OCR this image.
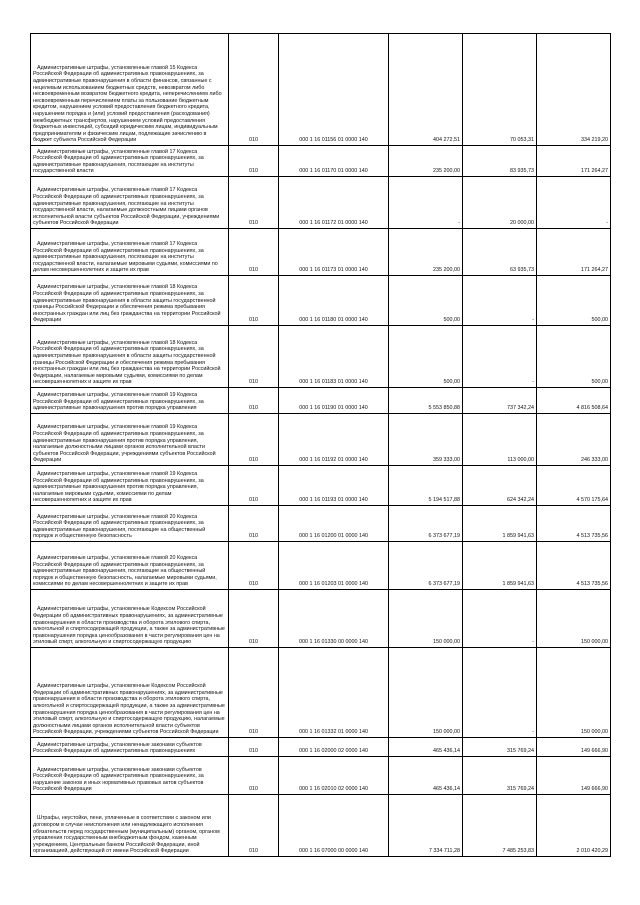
Административные штрафы, установленные главой 15 Кодекса Российской Федерации об административных правонарушениях, за административные правонарушения в области финансов, связанные с нецелевым использованием бюджетных средств, невозвратом либо несвоевременным возвратом бюджетного кредита, неперечислением либо несвоевременным перечислением платы за пользование бюджетным кредитом, нарушением условий предоставления бюджетного кредита, нарушением порядка и (или) условий предоставления (расходования) межбюджетных трансфертов, нарушением условий предоставления бюджетных инвестиций, субсидий юридическим лицам, индивидуальным предпринимателям и физическим лицам, подлежащие зачислению в бюджет субъекта Российской Федерации	010	000 1 16 01156 01 0000 140	404 272,51	70 053,31	334 219,20

Административные штрафы, установленные главой 17 Кодекса Российской Федерации об административных правонарушениях, за административные правонарушения, посягающие на институты государственной власти	010	000 1 16 01170 01 0000 140	235 200,00	83 935,73	171 264,27

Административные штрафы, установленные главой 17 Кодекса Российской Федерации об административных правонарушениях, за административные правонарушения, посягающие на институты государственной власти, налагаемые должностными лицами органов исполнительной власти субъектов Российской Федерации, учреждениями субъектов Российской Федерации	010	000 1 16 01172 01 0000 140	-	20 000,00	-

Административные штрафы, установленные главой 17 Кодекса Российской Федерации об административных правонарушениях, за административные правонарушения, посягающие на институты государственной власти, налагаемые мировыми судьями, комиссиями по делам несовершеннолетних и защите их прав	010	000 1 16 01173 01 0000 140	235 200,00	63 935,73	171 264,27

Административные штрафы, установленные главой 18 Кодекса Российской Федерации об административных правонарушениях, за административные правонарушения в области защиты государственной границы Российской Федерации и обеспечения режима пребывания иностранных граждан или лиц без гражданства на территории Российской Федерации	010	000 1 16 01180 01 0000 140	500,00	-	500,00

Административные штрафы, установленные главой 18 Кодекса Российской Федерации об административных правонарушениях, за административные правонарушения в области защиты государственной границы Российской Федерации и обеспечения режима пребывания иностранных граждан или лиц без гражданства на территории Российской Федерации, налагаемые мировыми судьями, комиссиями по делам несовершеннолетних и защите их прав	010	000 1 16 01183 01 0000 140	500,00	-	500,00

Административные штрафы, установленные главой 19 Кодекса Российской Федерации об административных правонарушениях, за административные правонарушения против порядка управления	010	000 1 16 01190 01 0000 140	5 553 850,88	737 342,24	4 816 508,64

Административные штрафы, установленные главой 19 Кодекса Российской Федерации об административных правонарушениях, за административные правонарушения против порядка управления, налагаемые должностными лицами органов исполнительной власти субъектов Российской Федерации, учреждениями субъектов Российской Федерации	010	000 1 16 01192 01 0000 140	359 333,00	113 000,00	246 333,00

Административные штрафы, установленные главой 19 Кодекса Российской Федерации об административных правонарушениях, за административные правонарушения против порядка управления, налагаемые мировыми судьями, комиссиями по делам несовершеннолетних и защите их прав	010	000 1 16 01193 01 0000 140	5 194 517,88	624 342,24	4 570 175,64

Административные штрафы, установленные главой 20 Кодекса Российской Федерации об административных правонарушениях, за административные правонарушения, посягающие на общественный порядок и общественную безопасность	010	000 1 16 01200 01 0000 140	6 373 677,19	1 859 941,63	4 513 735,56

Административные штрафы, установленные главой 20 Кодекса Российской Федерации об административных правонарушениях, за административные правонарушения, посягающие на общественный порядок и общественную безопасность, налагаемые мировыми судьями, комиссиями по делам несовершеннолетних и защите их прав	010	000 1 16 01203 01 0000 140	6 373 677,19	1 859 941,63	4 513 735,56

Административные штрафы, установленные Кодексом Российской Федерации об административных правонарушениях, за административные правонарушения в области производства и оборота этилового спирта, алкогольной и спиртосодержащей продукции, а также за административные правонарушения порядка ценообразования в части регулирования цен на этиловый спирт, алкогольную и спиртосодержащую продукцию	010	000 1 16 01330 00 0000 140	150 000,00	-	150 000,00

Административные штрафы, установленные Кодексом Российской Федерации об административных правонарушениях, за административные правонарушения в области производства и оборота этилового спирта, алкогольной и спиртосодержащей продукции, а также за административные правонарушения порядка ценообразования в части регулирования цен на этиловый спирт, алкогольную и спиртосодержащую продукцию, налагаемые должностными лицами органов исполнительной власти субъектов Российской Федерации, учреждениями субъектов Российской Федерации	010	000 1 16 01332 01 0000 140	150 000,00	-	150 000,00

Административные штрафы, установленные законами субъектов Российской Федерации об административных правонарушениях	010	000 1 16 02000 02 0000 140	465 436,14	315 769,24	149 666,90

Административные штрафы, установленные законами субъектов Российской Федерации об административных правонарушениях, за нарушение законов и иных нормативных правовых актов субъектов Российской Федерации	010	000 1 16 02010 02 0000 140	465 436,14	315 769,24	149 666,90

Штрафы, неустойки, пени, уплаченные в соответствии с законом или договором в случае неисполнения или ненадлежащего исполнения обязательств перед государственным (муниципальным) органом, органом управления государственным внебюджетным фондом, казенным учреждением, Центральным банком Российской Федерации, иной организацией, действующей от имени Российской Федерации	010	000 1 16 07000 00 0000 140	7 334 711,28	7 485 253,83	2 010 420,29
